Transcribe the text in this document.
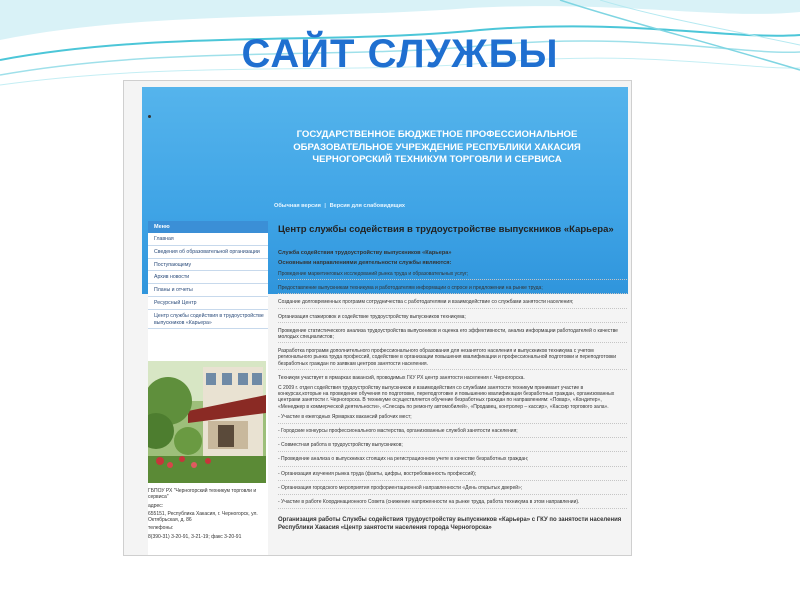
САЙТ СЛУЖБЫ
ГОСУДАРСТВЕННОЕ БЮДЖЕТНОЕ ПРОФЕССИОНАЛЬНОЕ ОБРАЗОВАТЕЛЬНОЕ УЧРЕЖДЕНИЕ РЕСПУБЛИКИ ХАКАСИЯ ЧЕРНОГОРСКИЙ ТЕХНИКУМ ТОРГОВЛИ И СЕРВИСА
Обычная версия | Версия для слабовидящих
Меню
Главная
Сведения об образовательной организации
Поступающему
Архив новости
Планы и отчеты
Ресурсный Центр
Центр службы содействия в трудоустройстве выпускников «Карьера»
ГБПОУ РХ "Черногорский техникум торговли и сервиса"
адрес:
655151, Республика Хакасия, г. Черногорск, ул. Октябрьская, д. 86
телефоны:
8(390-31) 3-20-91, 3-21-19; факс 3-20-91
Центр службы содействия в трудоустройстве выпускников «Карьера»
Служба содействия трудоустройству выпускников «Карьера»
Основными направлениями деятельности службы являются:
Проведение маркетинговых исследований рынка труда и образовательных услуг;
Предоставление выпускникам техникума и работодателям информации о спросе и предложении на рынке труда;
Создание долговременных программ сотрудничества с работодателями и взаимодействие со службами занятости населения;
Организация стажировок и содействие трудоустройству выпускников техникума;
Проведение статистического анализа трудоустройства выпускников и оценка его эффективности, анализ информации работодателей о качестве молодых специалистов;
Разработка программ дополнительного профессионального образования для незанятого населения и выпускников техникума с учетом регионального рынка труда профессий, содействие в организации повышения квалификации и профессиональной подготовки и переподготовки безработных граждан по заявкам центров занятости населения.
Техникум участвует в ярмарках вакансий, проводимых ГКУ РХ центр занятости населения г. Черногорска.
С 2009 г. отдел содействия трудоустройству выпускников и взаимодействия со службами занятости техникум принимает участие в конкурсах,которые на проведение обучения по подготовке, переподготовке и повышению квалификации безработных граждан, организованных центрами занятости г. Черногорска. В техникуме осуществляется обучение безработных граждан по направлениям: «Повар», «Кондитер», «Менеджер в коммерческой деятельности», «Слесарь по ремонту автомобилей», «Продавец, контролер – кассир», «Кассир торгового зала».
- Участие в ежегодных Ярмарках вакансий рабочих мест;
- Городские конкурсы профессионального мастерства, организованные службой занятости населения;
- Совместная работа в трудоустройству выпускников;
- Проведение анализа о выпускниках стоящих на регистрационном учете в качестве безработных граждан;
- Организация изучения рынка труда (факты, цифры, востребованность профессий);
- Организация городского мероприятия профориентационной направленности «День открытых дверей»;
- Участие в работе Координационного Совета (снижение напряженности на рынке труда, работа техникума в этом направлении).
Организация работы Службы содействия трудоустройству выпускников «Карьера» с ГКУ по занятости населения Республики Хакасия «Центр занятости населения города Черногорска»
